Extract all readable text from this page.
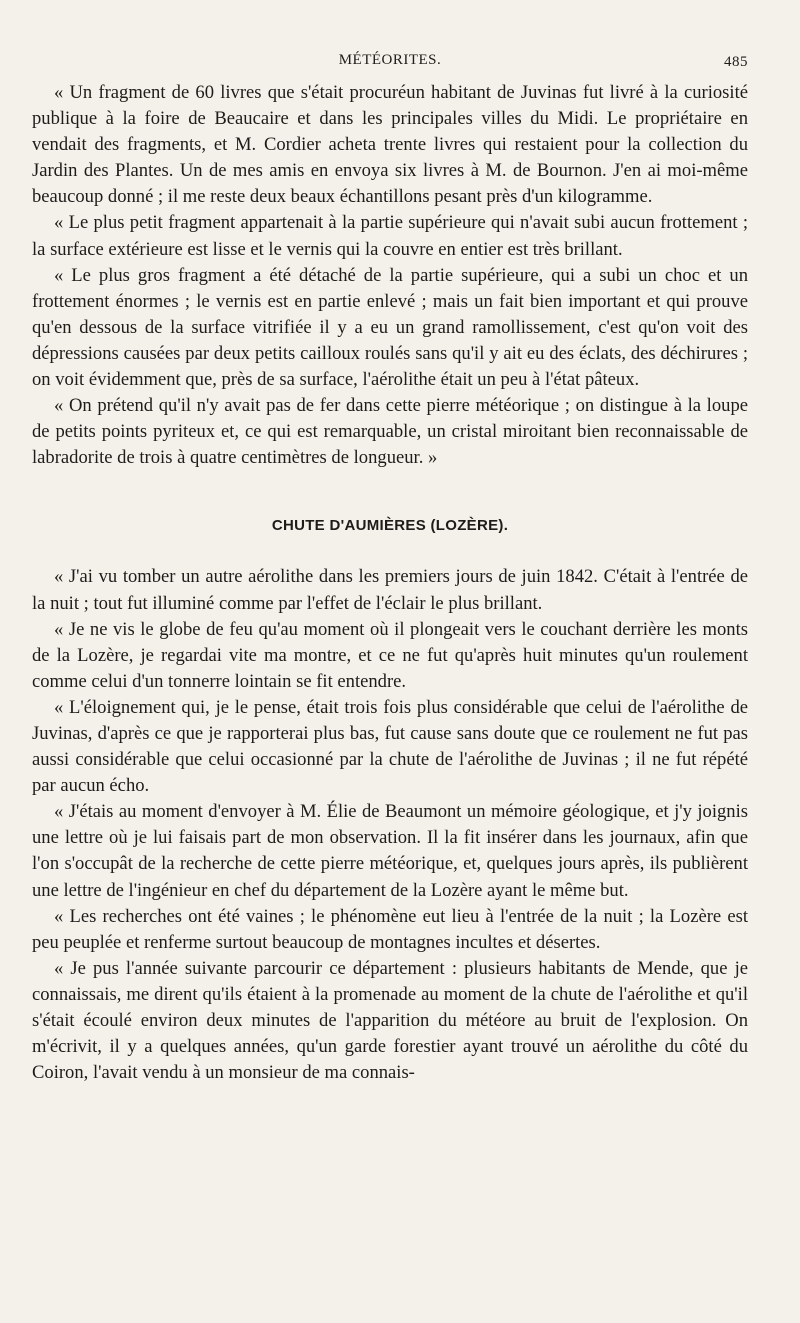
MÉTÉORITES.	485

« Un fragment de 60 livres que s'était procuréun habitant de Juvinas fut livré à la curiosité publique à la foire de Beaucaire et dans les principales villes du Midi. Le propriétaire en vendait des fragments, et M. Cordier acheta trente livres qui restaient pour la collection du Jardin des Plantes. Un de mes amis en envoya six livres à M. de Bournon. J'en ai moi-même beaucoup donné ; il me reste deux beaux échantillons pesant près d'un kilogramme.

« Le plus petit fragment appartenait à la partie supérieure qui n'avait subi aucun frottement ; la surface extérieure est lisse et le vernis qui la couvre en entier est très brillant.

« Le plus gros fragment a été détaché de la partie supérieure, qui a subi un choc et un frottement énormes ; le vernis est en partie enlevé ; mais un fait bien important et qui prouve qu'en dessous de la surface vitrifiée il y a eu un grand ramollissement, c'est qu'on voit des dépressions causées par deux petits cailloux roulés sans qu'il y ait eu des éclats, des déchirures ; on voit évidemment que, près de sa surface, l'aérolithe était un peu à l'état pâteux.

« On prétend qu'il n'y avait pas de fer dans cette pierre météorique ; on distingue à la loupe de petits points pyriteux et, ce qui est remarquable, un cristal miroitant bien reconnaissable de labradorite de trois à quatre centimètres de longueur. »

CHUTE D'AUMIÈRES (LOZÈRE).

« J'ai vu tomber un autre aérolithe dans les premiers jours de juin 1842. C'était à l'entrée de la nuit ; tout fut illuminé comme par l'effet de l'éclair le plus brillant.

« Je ne vis le globe de feu qu'au moment où il plongeait vers le couchant derrière les monts de la Lozère, je regardai vite ma montre, et ce ne fut qu'après huit minutes qu'un roulement comme celui d'un tonnerre lointain se fit entendre.

« L'éloignement qui, je le pense, était trois fois plus considérable que celui de l'aérolithe de Juvinas, d'après ce que je rapporterai plus bas, fut cause sans doute que ce roulement ne fut pas aussi considérable que celui occasionné par la chute de l'aérolithe de Juvinas ; il ne fut répété par aucun écho.

« J'étais au moment d'envoyer à M. Élie de Beaumont un mémoire géologique, et j'y joignis une lettre où je lui faisais part de mon observation. Il la fit insérer dans les journaux, afin que l'on s'occupât de la recherche de cette pierre météorique, et, quelques jours après, ils publièrent une lettre de l'ingénieur en chef du département de la Lozère ayant le même but.

« Les recherches ont été vaines ; le phénomène eut lieu à l'entrée de la nuit ; la Lozère est peu peuplée et renferme surtout beaucoup de montagnes incultes et désertes.

« Je pus l'année suivante parcourir ce département : plusieurs habitants de Mende, que je connaissais, me dirent qu'ils étaient à la promenade au moment de la chute de l'aérolithe et qu'il s'était écoulé environ deux minutes de l'apparition du météore au bruit de l'explosion. On m'écrivit, il y a quelques années, qu'un garde forestier ayant trouvé un aérolithe du côté du Coiron, l'avait vendu à un monsieur de ma connais-
